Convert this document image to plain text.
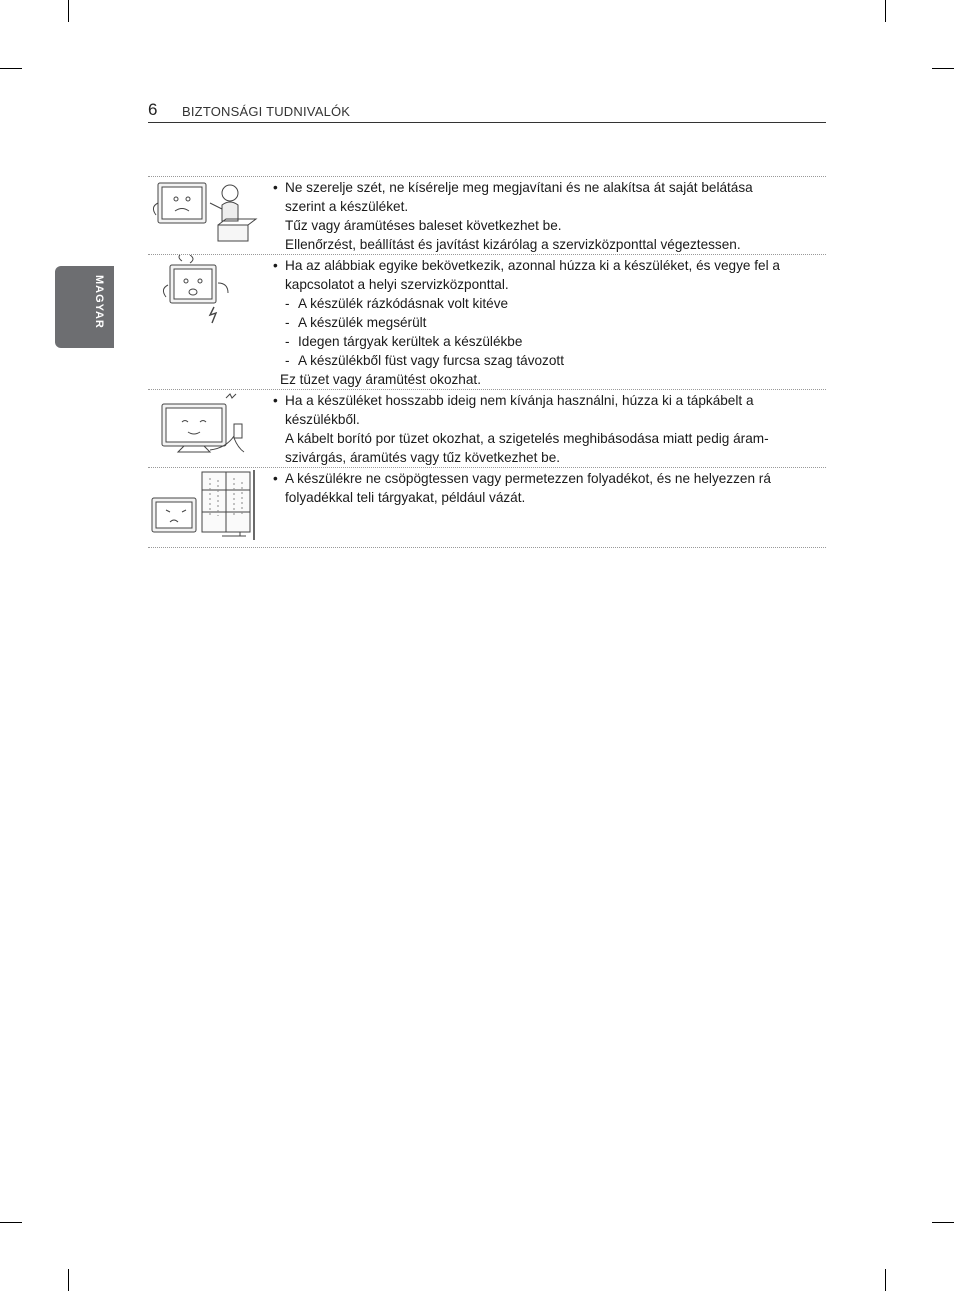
6 BIZTONSÁGI TUDNIVALÓK
MAGYAR
• Ne szerelje szét, ne kísérelje meg megjavítani és ne alakítsa át saját belátása
szerint a készüléket.
Tűz vagy áramütéses baleset következhet be.
Ellenőrzést, beállítást és javítást kizárólag a szervizközponttal végeztessen.
• Ha az alábbiak egyike bekövetkezik, azonnal húzza ki a készüléket, és vegye fel a
kapcsolatot a helyi szervizközponttal.
- A készülék rázkódásnak volt kitéve
- A készülék megsérült
- Idegen tárgyak kerültek a készülékbe
- A készülékből füst vagy furcsa szag távozott
Ez tüzet vagy áramütést okozhat.
• Ha a készüléket hosszabb ideig nem kívánja használni, húzza ki a tápkábelt a
készülékből.
A kábelt borító por tüzet okozhat, a szigetelés meghibásodása miatt pedig áram-
szivárgás, áramütés vagy tűz következhet be.
• A készülékre ne csöpögtessen vagy permetezzen folyadékot, és ne helyezzen rá
folyadékkal teli tárgyakat, például vázát.
